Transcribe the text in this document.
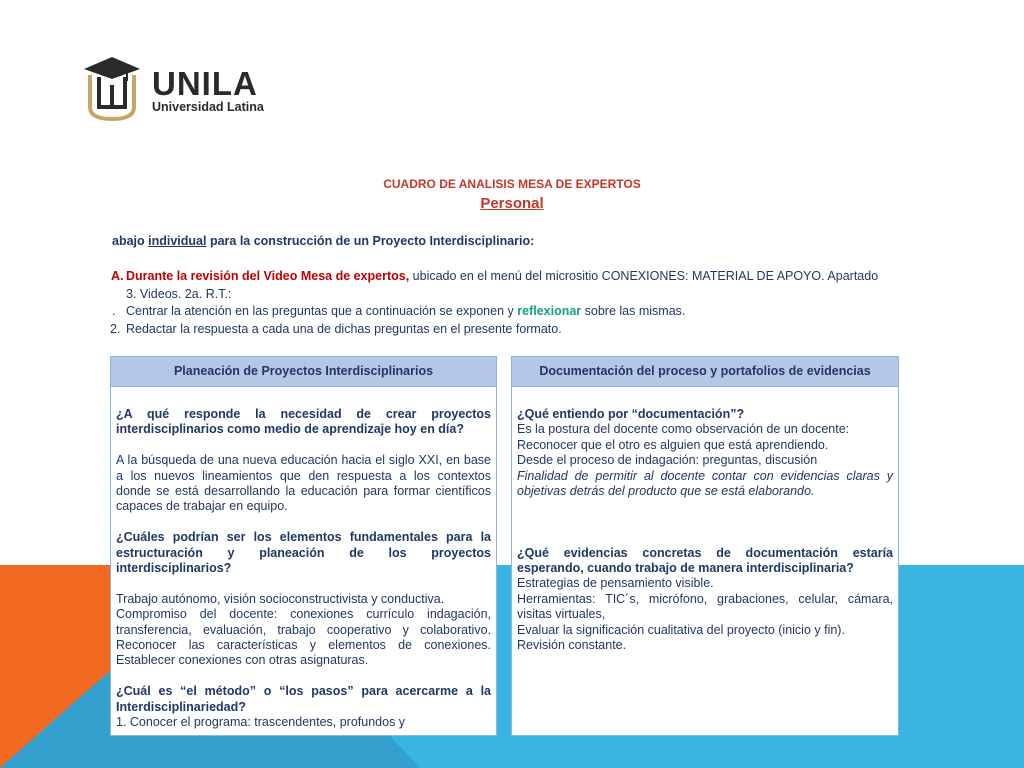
UNILA
Universidad Latina
CUADRO DE ANALISIS MESA DE EXPERTOS
Personal
abajo individual para la construcción de un Proyecto Interdisciplinario:
A. Durante la revisión del Video Mesa de expertos, ubicado en el menú del micrositio CONEXIONES: MATERIAL DE APOYO. Apartado
3. Videos. 2a. R.T.:
. Centrar la atención en las preguntas que a continuación se exponen y reflexionar sobre las mismas.
2. Redactar la respuesta a cada una de dichas preguntas en el presente formato.
Planeación de Proyectos Interdisciplinarios

¿A qué responde la necesidad de crear proyectos interdisciplinarios como medio de aprendizaje hoy en día?

A la búsqueda de una nueva educación hacia el siglo XXI, en base a los nuevos lineamientos que den respuesta a los contextos donde se está desarrollando la educación para formar científicos capaces de trabajar en equipo.

¿Cuáles podrían ser los elementos fundamentales para la estructuración y planeación de los proyectos interdisciplinarios?

Trabajo autónomo, visión socioconstructivista y conductiva.

Compromiso del docente: conexiones currículo indagación, transferencia, evaluación, trabajo cooperativo y colaborativo. Reconocer las características y elementos de conexiones. Establecer conexiones con otras asignaturas.

¿Cuál es “el método” o “los pasos” para acercarme a la Interdisciplinariedad?

1. Conocer el programa: trascendentes, profundos y

Documentación del proceso y portafolios de evidencias

¿Qué entiendo por “documentación”?

Es la postura del docente como observación de un docente:

Reconocer que el otro es alguien que está aprendiendo.

Desde el proceso de indagación: preguntas, discusión

Finalidad de permitir al docente contar con evidencias claras y objetivas detrás del producto que se está elaborando.

¿Qué evidencias concretas de documentación estaría esperando, cuando trabajo de manera interdisciplinaria?

Estrategias de pensamiento visible.

Herramientas: TIC´s, micrófono, grabaciones, celular, cámara, visitas virtuales,

Evaluar la significación cualitativa del proyecto (inicio y fin).

Revisión constante.
